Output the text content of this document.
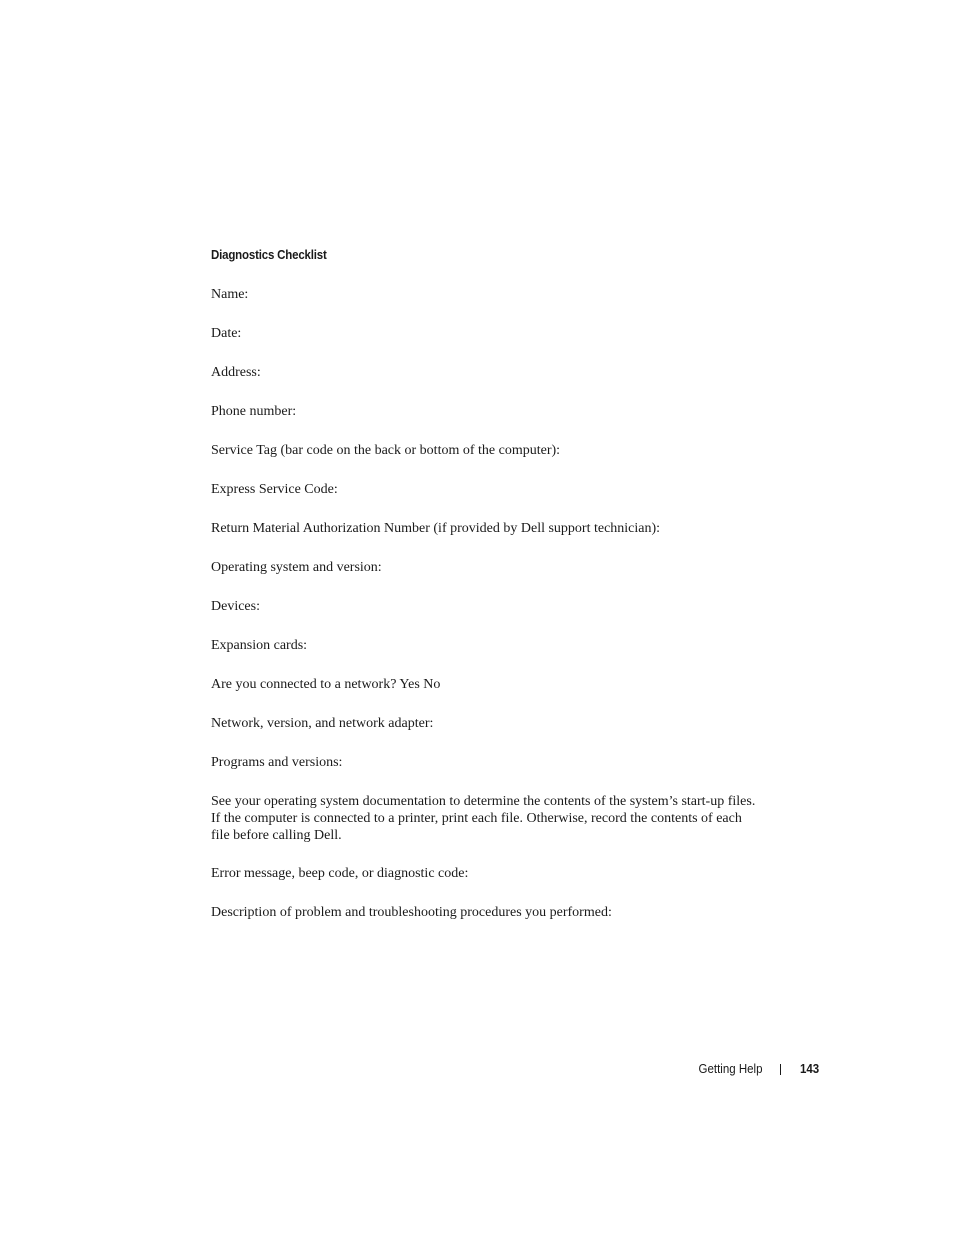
Diagnostics Checklist
Name:
Date:
Address:
Phone number:
Service Tag (bar code on the back or bottom of the computer):
Express Service Code:
Return Material Authorization Number (if provided by Dell support technician):
Operating system and version:
Devices:
Expansion cards:
Are you connected to a network? Yes No
Network, version, and network adapter:
Programs and versions:
See your operating system documentation to determine the contents of the system’s start-up files. If the computer is connected to a printer, print each file. Otherwise, record the contents of each file before calling Dell.
Error message, beep code, or diagnostic code:
Description of problem and troubleshooting procedures you performed:
Getting Help	143
